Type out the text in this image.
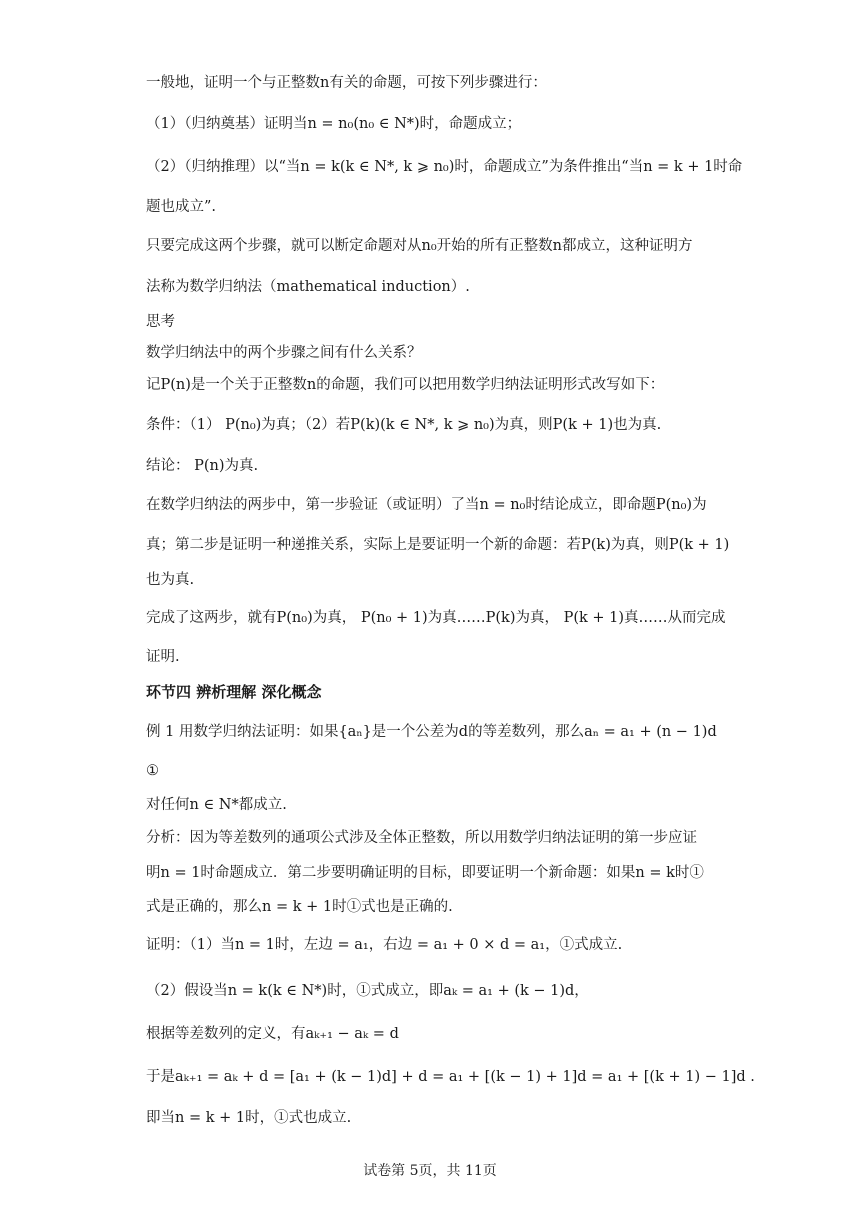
一般地，证明一个与正整数n有关的命题，可按下列步骤进行：
（1）（归纳奠基）证明当n = n₀(n₀ ∈ N*)时，命题成立；
（2）（归纳推理）以“当n = k(k ∈ N*, k ⩾ n₀)时，命题成立”为条件推出“当n = k + 1时命
题也成立”.
只要完成这两个步骤，就可以断定命题对从n₀开始的所有正整数n都成立，这种证明方
法称为数学归纳法（mathematical induction）.
思考
数学归纳法中的两个步骤之间有什么关系？
记P(n)是一个关于正整数n的命题，我们可以把用数学归纳法证明形式改写如下：
条件：（1） P(n₀)为真；（2）若P(k)(k ∈ N*, k ⩾ n₀)为真，则P(k + 1)也为真.
结论： P(n)为真.
在数学归纳法的两步中，第一步验证（或证明）了当n = n₀时结论成立，即命题P(n₀)为
真；第二步是证明一种递推关系，实际上是要证明一个新的命题：若P(k)为真，则P(k + 1)
也为真.
完成了这两步，就有P(n₀)为真， P(n₀ + 1)为真……P(k)为真， P(k + 1)真……从而完成
证明.
环节四 辨析理解 深化概念
例 1 用数学归纳法证明：如果{aₙ}是一个公差为d的等差数列，那么aₙ = a₁ + (n − 1)d
①
对任何n ∈ N*都成立.
分析：因为等差数列的通项公式涉及全体正整数，所以用数学归纳法证明的第一步应证
明n = 1时命题成立．第二步要明确证明的目标，即要证明一个新命题：如果n = k时①
式是正确的，那么n = k + 1时①式也是正确的.
证明：（1）当n = 1时，左边 = a₁，右边 = a₁ + 0 × d = a₁，①式成立.
（2）假设当n = k(k ∈ N*)时，①式成立，即aₖ = a₁ + (k − 1)d，
根据等差数列的定义，有aₖ₊₁ − aₖ = d
于是aₖ₊₁ = aₖ + d = [a₁ + (k − 1)d] + d = a₁ + [(k − 1) + 1]d = a₁ + [(k + 1) − 1]d .
即当n = k + 1时，①式也成立.
试卷第 5页，共 11页
